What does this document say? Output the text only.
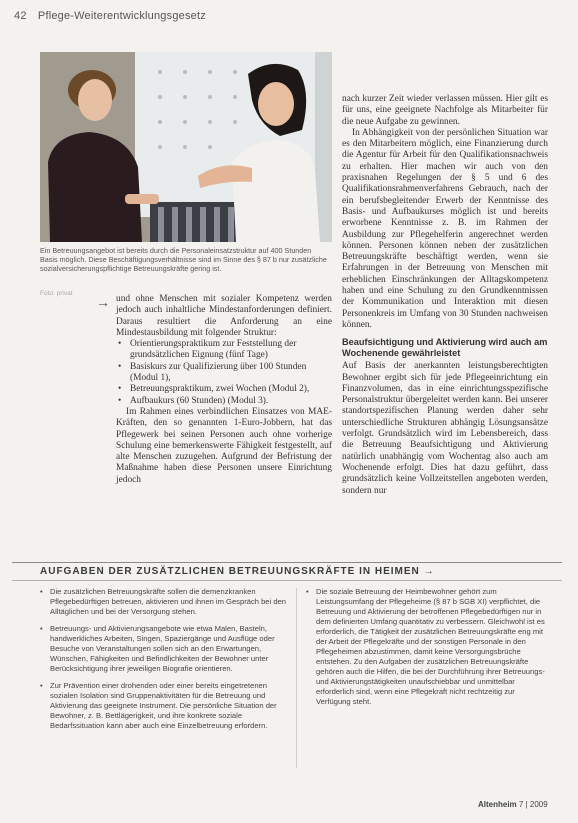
42 Pflege-Weiterentwicklungsgesetz
Ein Betreuungsangebot ist bereits durch die Personaleinsatzstruktur auf 400 Stunden Basis möglich. Diese Beschäftigungsverhältnisse sind im Sinne des § 87 b nur zusätzliche sozialversicherungspflichtige Betreuungskräfte gering ist.
Foto: privat
→ und ohne Menschen mit sozialer Kompetenz werden jedoch auch inhaltliche Mindestanforderungen definiert. Daraus resultiert die Anforderung an eine Mindestausbildung mit folgender Struktur:

• Orientierungspraktikum zur Feststellung der grundsätzlichen Eignung (fünf Tage)
• Basiskurs zur Qualifizierung über 100 Stunden (Modul 1),
• Betreuungspraktikum, zwei Wochen (Modul 2),
• Aufbaukurs (60 Stunden) (Modul 3).

Im Rahmen eines verbindlichen Einsatzes von MAE-Kräften, den so genannten 1-Euro-Jobbern, hat das Pflegewerk bei seinen Personen auch ohne vorherige Schulung eine bemerkenswerte Fähigkeit festgestellt, auf alte Menschen zuzugehen. Aufgrund der Befristung der Maßnahme haben diese Personen unsere Einrichtung jedoch

nach kurzer Zeit wieder verlassen müssen. Hier gilt es für uns, eine geeignete Nachfolge als Mitarbeiter für die neue Aufgabe zu gewinnen.

In Abhängigkeit von der persönlichen Situation war es den Mitarbeitern möglich, eine Finanzierung durch die Agentur für Arbeit für den Qualifikationsnachweis zu erhalten. Hier machen wir auch von den praxisnahen Regelungen der § 5 und 6 des Qualifikationsrahmenverfahrens Gebrauch, nach der ein berufsbegleitender Erwerb der Kenntnisse des Basis- und Aufbaukurses möglich ist und bereits erworbene Kenntnisse z. B. im Rahmen der Ausbildung zur Pflegehelferin angerechnet werden können. Personen können neben der zusätzlichen Betreuungskräfte beschäftigt werden, wenn sie Erfahrungen in der Betreuung von Menschen mit erheblichen Einschränkungen der Alltagskompetenz haben und eine Schulung zu den Grundkenntnissen der Kommunikation und Interaktion mit diesen Personenkreis im Umfang von 30 Stunden nachweisen können.

Beaufsichtigung und Aktivierung wird auch am Wochenende gewährleistet

Auf Basis der anerkannten leistungsberechtigten Bewohner ergibt sich für jede Pflegeeinrichtung ein Finanzvolumen, das in eine einrichtungsspezifische Personalstruktur übergeleitet werden kann. Bei unserer standortspezifischen Planung werden daher sehr unterschiedliche Strukturen abhängig Lösungsansätze verfolgt. Grundsätzlich wird im Lebensbereich, dass die Betreuung Beaufsichtigung und Aktivierung natürlich unabhängig vom Wochentag also auch am Wochenende erfolgt. Dies hat dazu geführt, dass grundsätzlich keine Vollzeitstellen angeboten werden, sondern nur

AUFGABEN DER ZUSÄTZLICHEN BETREUUNGSKRÄFTE IN HEIMEN →
• Die zusätzlichen Betreuungskräfte sollen die demenzkranken Pflegebedürftigen betreuen, aktivieren und ihnen im Gespräch bei den Alltäglichen und bei der Versorgung stehen.
• Betreuungs- und Aktivierungsangebote wie etwa Malen, Basteln, handwerkliches Arbeiten, Singen, Spaziergänge und Ausflüge oder Besuche von Veranstaltungen sollen sich an den Erwartungen, Wünschen, Fähigkeiten und Befindlichkeiten der Bewohner unter Berücksichtigung ihrer jeweiligen Biografie orientieren.
• Zur Prävention einer drohenden oder einer bereits eingetretenen sozialen Isolation sind Gruppenaktivitäten für die Betreuung und Aktivierung das geeignete Instrument. Die persönliche Situation der Bewohner, z. B. Bettlägerigkeit, und ihre konkrete soziale Bedarfssituation kann aber auch eine Einzelbetreuung erfordern.
• Die soziale Betreuung der Heimbewohner gehört zum Leistungsumfang der Pflegeheime (§ 87 b SGB XI) verpflichtet, die Betreuung und Aktivierung der betroffenen Pflegebedürftigen nur in dem definierten Umfang quantitativ zu verbessern. Gleichwohl ist es erforderlich, die Tätigkeit der zusätzlichen Betreuungskräfte eng mit der Arbeit der Pflegekräfte und der sonstigen Personale in den Pflegeheimen abzustimmen, damit keine Versorgungsbrüche entstehen. Zu den Aufgaben der zusätzlichen Betreuungskräfte gehören auch die Hilfen, die bei der Durchführung ihrer Betreuungs- und Aktivierungstätigkeiten unaufschiebbar und unmittelbar erforderlich sind, wenn eine Pflegekraft nicht rechtzeitig zur Verfügung steht.
Altenheim 7 | 2009
